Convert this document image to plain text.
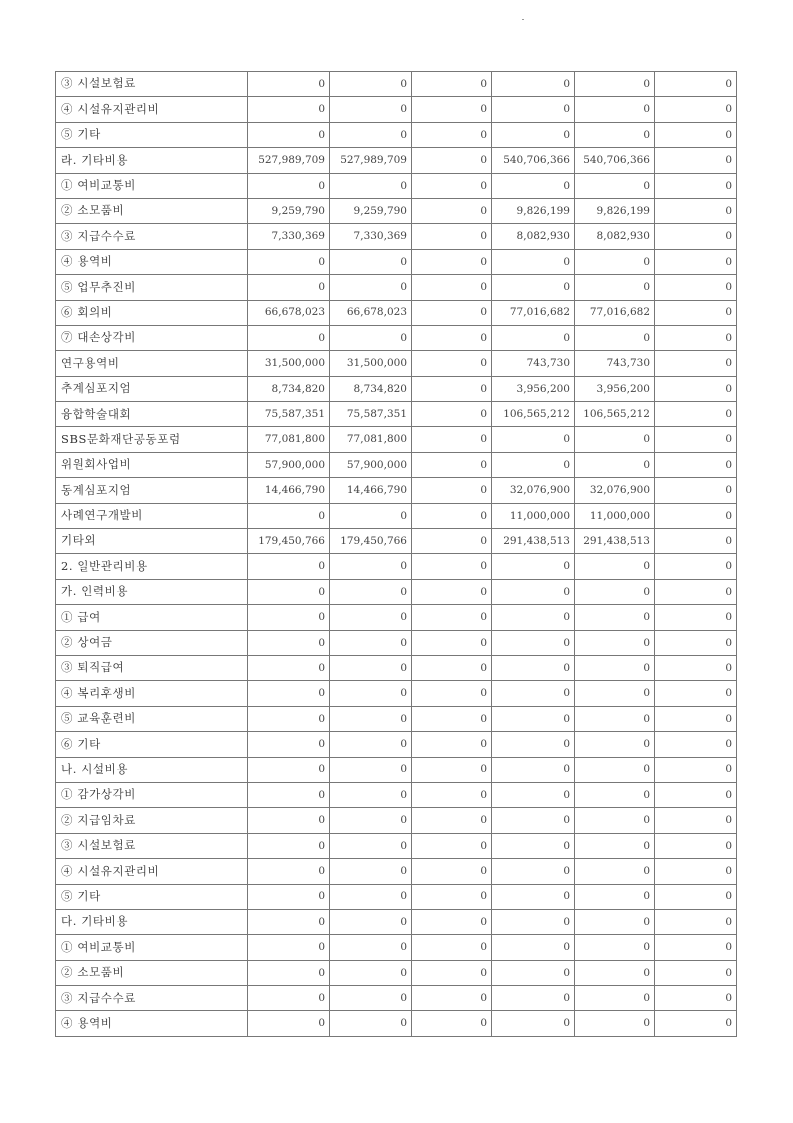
③ 시설보험료	0	0	0	0	0	0
④ 시설유지관리비	0	0	0	0	0	0
⑤ 기타	0	0	0	0	0	0
라. 기타비용	527,989,709	527,989,709	0	540,706,366	540,706,366	0
① 여비교통비	0	0	0	0	0	0
② 소모품비	9,259,790	9,259,790	0	9,826,199	9,826,199	0
③ 지급수수료	7,330,369	7,330,369	0	8,082,930	8,082,930	0
④ 용역비	0	0	0	0	0	0
⑤ 업무추진비	0	0	0	0	0	0
⑥ 회의비	66,678,023	66,678,023	0	77,016,682	77,016,682	0
⑦ 대손상각비	0	0	0	0	0	0
연구용역비	31,500,000	31,500,000	0	743,730	743,730	0
추계심포지엄	8,734,820	8,734,820	0	3,956,200	3,956,200	0
융합학술대회	75,587,351	75,587,351	0	106,565,212	106,565,212	0
SBS문화재단공동포럼	77,081,800	77,081,800	0	0	0	0
위원회사업비	57,900,000	57,900,000	0	0	0	0
동계심포지엄	14,466,790	14,466,790	0	32,076,900	32,076,900	0
사례연구개발비	0	0	0	11,000,000	11,000,000	0
기타외	179,450,766	179,450,766	0	291,438,513	291,438,513	0
2. 일반관리비용	0	0	0	0	0	0
가. 인력비용	0	0	0	0	0	0
① 급여	0	0	0	0	0	0
② 상여금	0	0	0	0	0	0
③ 퇴직급여	0	0	0	0	0	0
④ 복리후생비	0	0	0	0	0	0
⑤ 교육훈련비	0	0	0	0	0	0
⑥ 기타	0	0	0	0	0	0
나. 시설비용	0	0	0	0	0	0
① 감가상각비	0	0	0	0	0	0
② 지급임차료	0	0	0	0	0	0
③ 시설보험료	0	0	0	0	0	0
④ 시설유지관리비	0	0	0	0	0	0
⑤ 기타	0	0	0	0	0	0
다. 기타비용	0	0	0	0	0	0
① 여비교통비	0	0	0	0	0	0
② 소모품비	0	0	0	0	0	0
③ 지급수수료	0	0	0	0	0	0
④ 용역비	0	0	0	0	0	0
